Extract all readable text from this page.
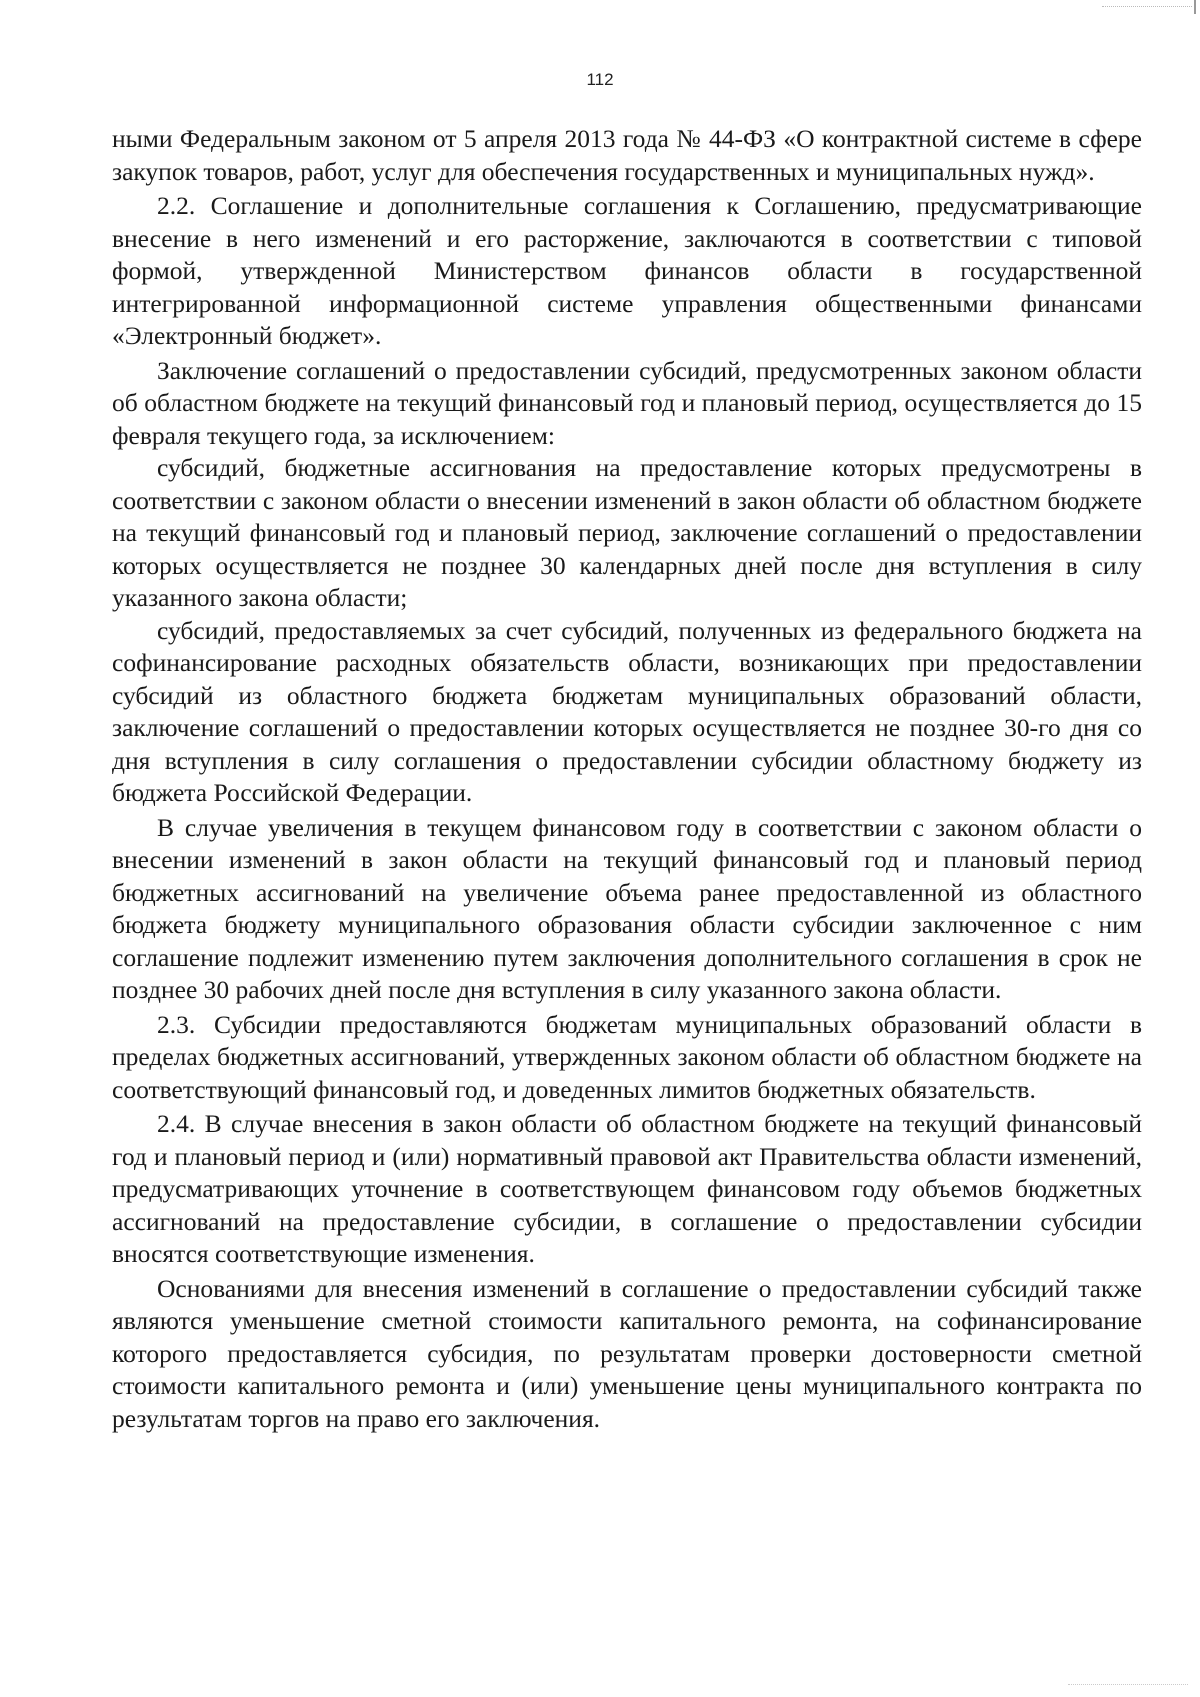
112

ными Федеральным законом от 5 апреля 2013 года № 44-ФЗ «О контрактной системе в сфере закупок товаров, работ, услуг для обеспечения государственных и муниципальных нужд».

2.2. Соглашение и дополнительные соглашения к Соглашению, предусматривающие внесение в него изменений и его расторжение, заключаются в соответствии с типовой формой, утвержденной Министерством финансов области в государственной интегрированной информационной системе управления общественными финансами «Электронный бюджет».

Заключение соглашений о предоставлении субсидий, предусмотренных законом области об областном бюджете на текущий финансовый год и плановый период, осуществляется до 15 февраля текущего года, за исключением:

субсидий, бюджетные ассигнования на предоставление которых предусмотрены в соответствии с законом области о внесении изменений в закон области об областном бюджете на текущий финансовый год и плановый период, заключение соглашений о предоставлении которых осуществляется не позднее 30 календарных дней после дня вступления в силу указанного закона области;

субсидий, предоставляемых за счет субсидий, полученных из федерального бюджета на софинансирование расходных обязательств области, возникающих при предоставлении субсидий из областного бюджета бюджетам муниципальных образований области, заключение соглашений о предоставлении которых осуществляется не позднее 30-го дня со дня вступления в силу соглашения о предоставлении субсидии областному бюджету из бюджета Российской Федерации.

В случае увеличения в текущем финансовом году в соответствии с законом области о внесении изменений в закон области на текущий финансовый год и плановый период бюджетных ассигнований на увеличение объема ранее предоставленной из областного бюджета бюджету муниципального образования области субсидии заключенное с ним соглашение подлежит изменению путем заключения дополнительного соглашения в срок не позднее 30 рабочих дней после дня вступления в силу указанного закона области.

2.3. Субсидии предоставляются бюджетам муниципальных образований области в пределах бюджетных ассигнований, утвержденных законом области об областном бюджете на соответствующий финансовый год, и доведенных лимитов бюджетных обязательств.

2.4. В случае внесения в закон области об областном бюджете на текущий финансовый год и плановый период и (или) нормативный правовой акт Правительства области изменений, предусматривающих уточнение в соответствующем финансовом году объемов бюджетных ассигнований на предоставление субсидии, в соглашение о предоставлении субсидии вносятся соответствующие изменения.

Основаниями для внесения изменений в соглашение о предоставлении субсидий также являются уменьшение сметной стоимости капитального ремонта, на софинансирование которого предоставляется субсидия, по результатам проверки достоверности сметной стоимости капитального ремонта и (или) уменьшение цены муниципального контракта по результатам торгов на право его заключения.
